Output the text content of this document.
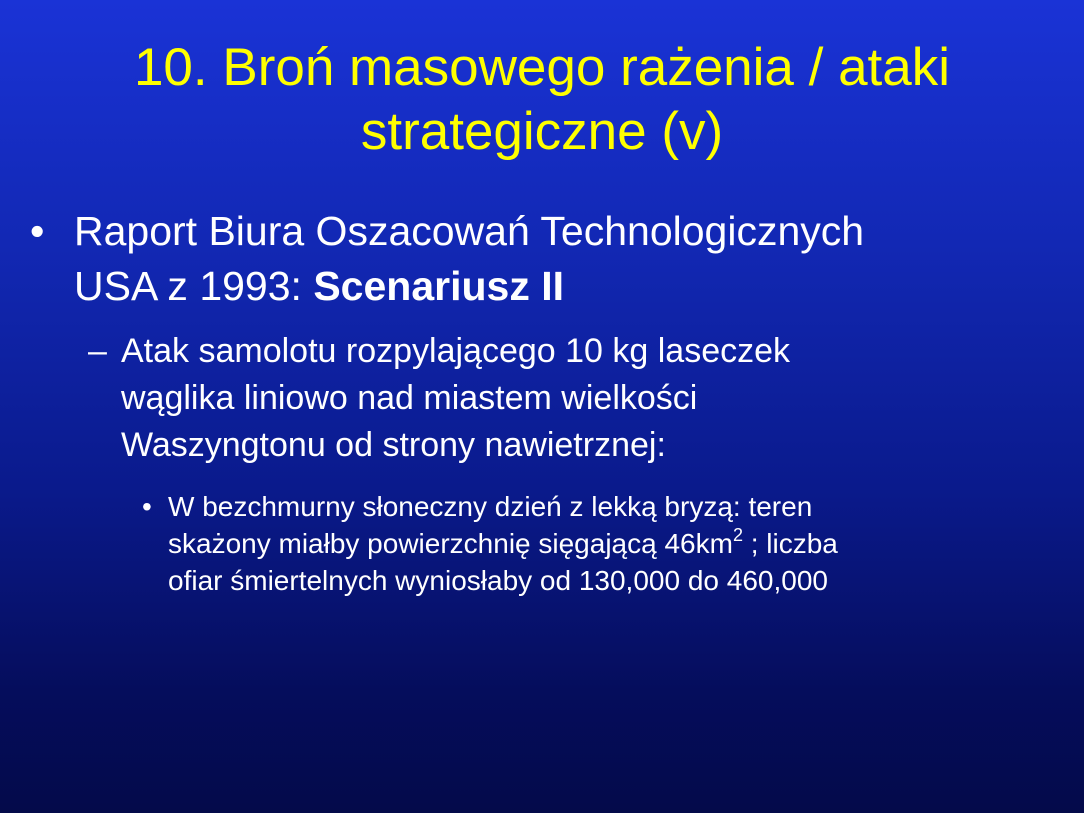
10. Broń masowego rażenia / ataki
strategiczne (v)
• Raport Biura Oszacowań Technologicznych
USA z 1993: Scenariusz II
– Atak samolotu rozpylającego 10 kg laseczek
wąglika liniowo nad miastem wielkości
Waszyngtonu od strony nawietrznej:
• W bezchmurny słoneczny dzień z lekką bryzą: teren
skażony miałby powierzchnię sięgającą $46km^2$ ; liczba
ofiar śmiertelnych wyniosłaby od 130,000 do 460,000
